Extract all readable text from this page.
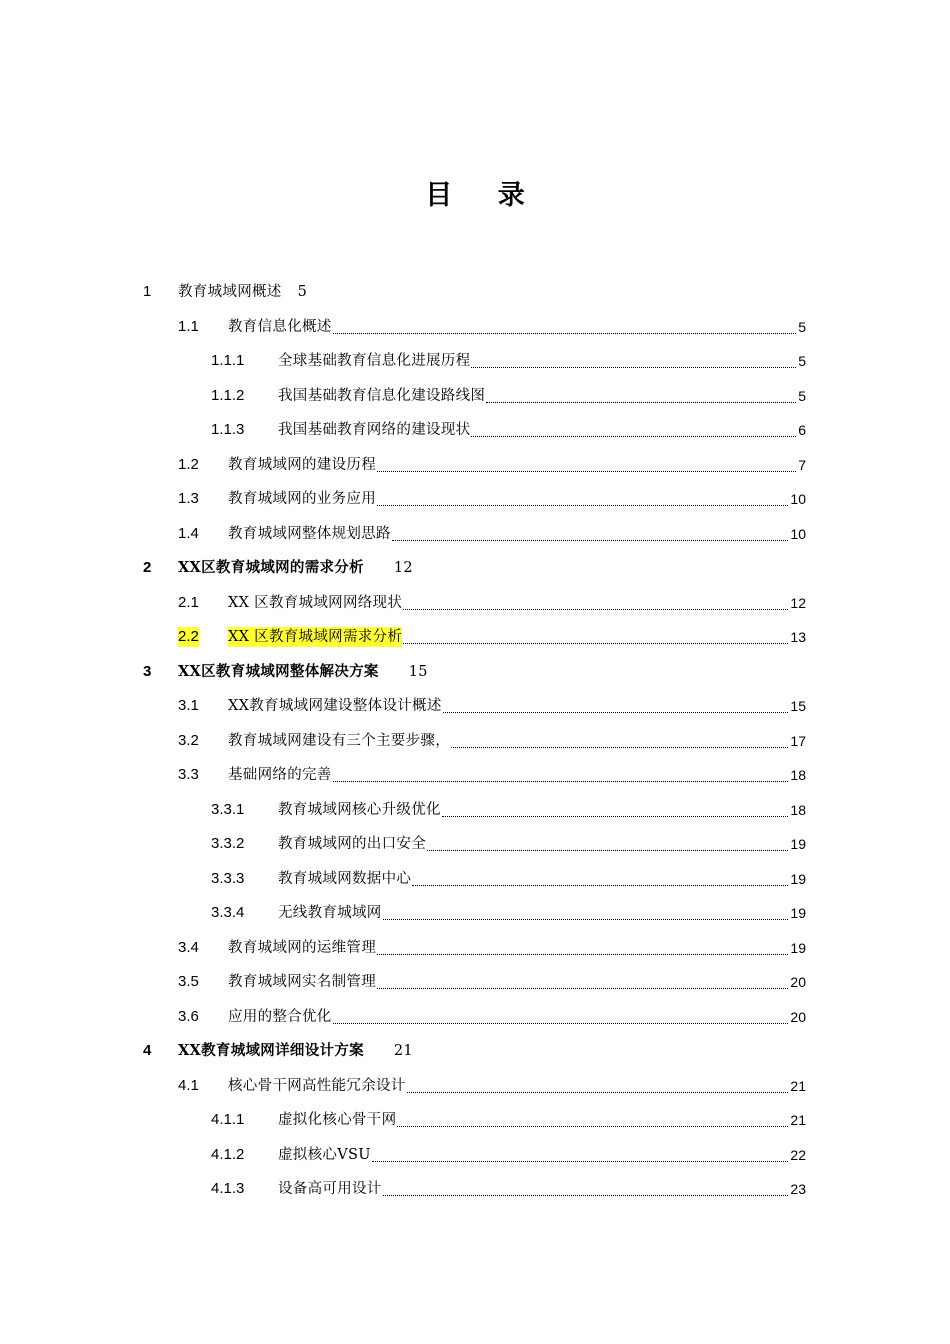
目 录
1 教育城域网概述 5
1.1 教育信息化概述	5
1.1.1 全球基础教育信息化进展历程	5
1.1.2 我国基础教育信息化建设路线图	5
1.1.3 我国基础教育网络的建设现状	6
1.2 教育城域网的建设历程	7
1.3 教育城域网的业务应用	10
1.4 教育城域网整体规划思路	10
2 XX区教育城域网的需求分析 12
2.1 XX 区教育城域网网络现状	12
2.2 XX 区教育城域网需求分析	13
3 XX区教育城域网整体解决方案 15
3.1 XX教育城域网建设整体设计概述	15
3.2 教育城域网建设有三个主要步骤，	17
3.3 基础网络的完善	18
3.3.1 教育城域网核心升级优化	18
3.3.2 教育城域网的出口安全	19
3.3.3 教育城域网数据中心	19
3.3.4 无线教育城域网	19
3.4 教育城域网的运维管理	19
3.5 教育城域网实名制管理	20
3.6 应用的整合优化	20
4 XX教育城域网详细设计方案 21
4.1 核心骨干网高性能冗余设计	21
4.1.1 虚拟化核心骨干网	21
4.1.2 虚拟核心VSU	22
4.1.3 设备高可用设计	23
